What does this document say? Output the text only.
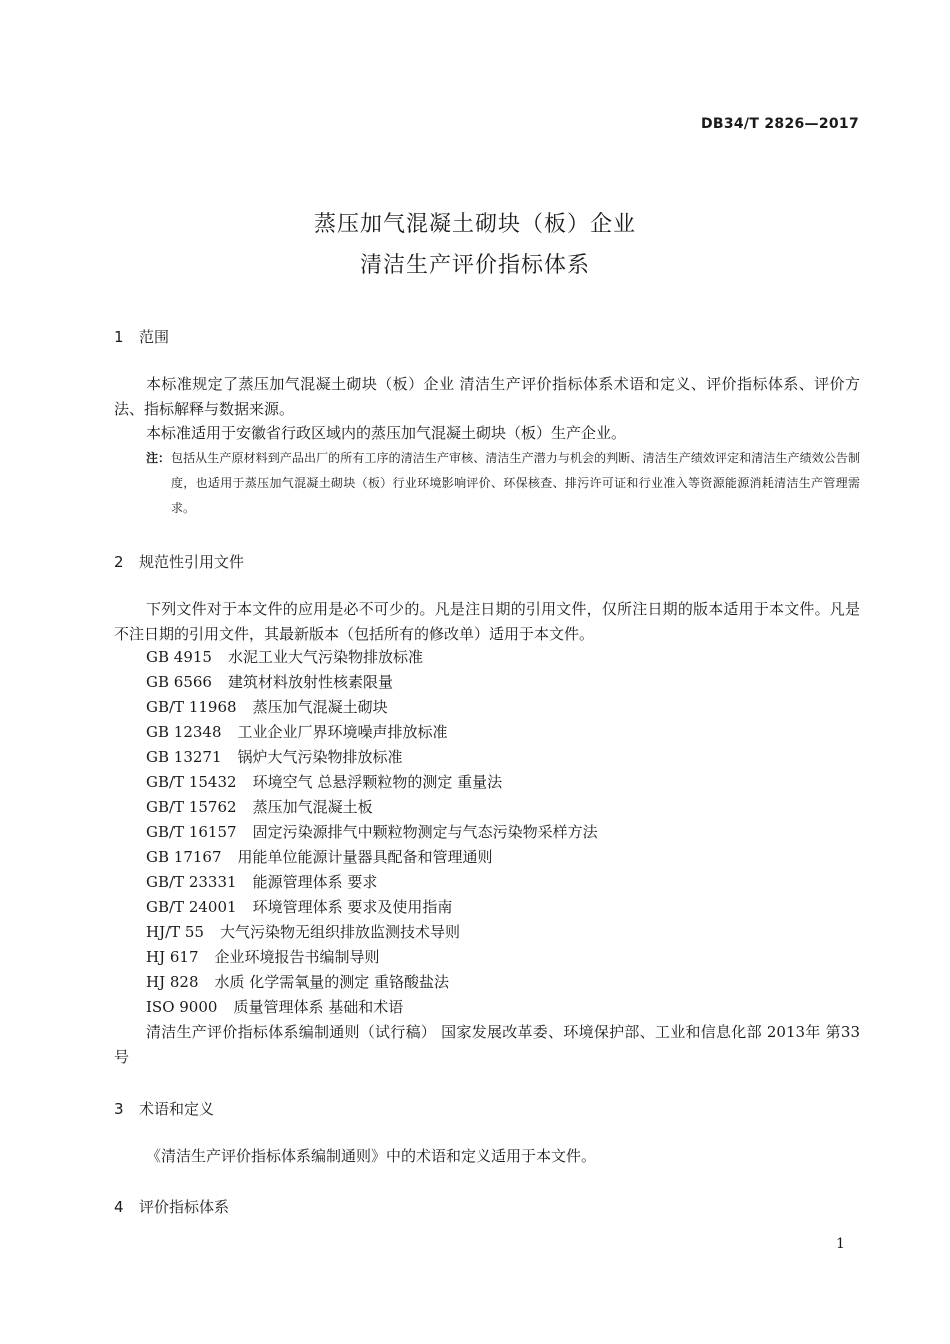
DB34/T 2826—2017
蒸压加气混凝土砌块（板）企业
清洁生产评价指标体系
1 范围
本标准规定了蒸压加气混凝土砌块（板）企业 清洁生产评价指标体系术语和定义、评价指标体系、评价方法、指标解释与数据来源。
本标准适用于安徽省行政区域内的蒸压加气混凝土砌块（板）生产企业。
注： 包括从生产原材料到产品出厂的所有工序的清洁生产审核、清洁生产潜力与机会的判断、清洁生产绩效评定和清洁生产绩效公告制度，也适用于蒸压加气混凝土砌块（板）行业环境影响评价、环保核查、排污许可证和行业准入等资源能源消耗清洁生产管理需求。
2 规范性引用文件
下列文件对于本文件的应用是必不可少的。凡是注日期的引用文件，仅所注日期的版本适用于本文件。凡是不注日期的引用文件，其最新版本（包括所有的修改单）适用于本文件。
GB 4915 水泥工业大气污染物排放标准
GB 6566 建筑材料放射性核素限量
GB/T 11968 蒸压加气混凝土砌块
GB 12348 工业企业厂界环境噪声排放标准
GB 13271 锅炉大气污染物排放标准
GB/T 15432 环境空气 总悬浮颗粒物的测定 重量法
GB/T 15762 蒸压加气混凝土板
GB/T 16157 固定污染源排气中颗粒物测定与气态污染物采样方法
GB 17167 用能单位能源计量器具配备和管理通则
GB/T 23331 能源管理体系 要求
GB/T 24001 环境管理体系 要求及使用指南
HJ/T 55 大气污染物无组织排放监测技术导则
HJ 617 企业环境报告书编制导则
HJ 828 水质 化学需氧量的测定 重铬酸盐法
ISO 9000 质量管理体系 基础和术语
清洁生产评价指标体系编制通则（试行稿） 国家发展改革委、环境保护部、工业和信息化部 2013年 第33号
3 术语和定义
《清洁生产评价指标体系编制通则》中的术语和定义适用于本文件。
4 评价指标体系
1
